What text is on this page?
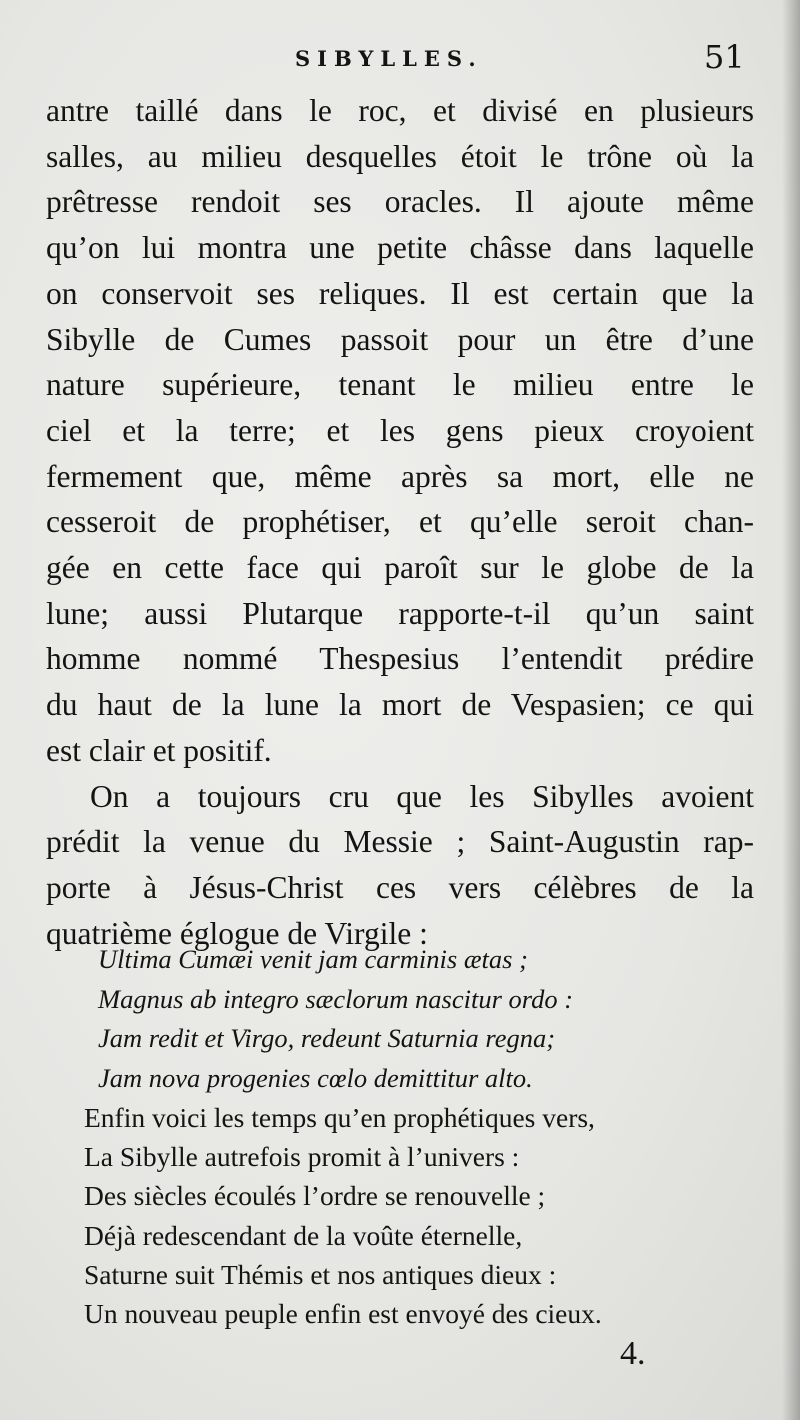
SIBYLLES.	51
antre taillé dans le roc, et divisé en plusieurs
salles, au milieu desquelles étoit le trône où la
prêtresse rendoit ses oracles. Il ajoute même
qu’on lui montra une petite châsse dans laquelle
on conservoit ses reliques. Il est certain que la
Sibylle de Cumes passoit pour un être d’une
nature supérieure, tenant le milieu entre le
ciel et la terre; et les gens pieux croyoient
fermement que, même après sa mort, elle ne
cesseroit de prophétiser, et qu’elle seroit chan-
gée en cette face qui paroît sur le globe de la
lune; aussi Plutarque rapporte-t-il qu’un saint
homme nommé Thespesius l’entendit prédire
du haut de la lune la mort de Vespasien; ce qui
est clair et positif.
On a toujours cru que les Sibylles avoient
prédit la venue du Messie ; Saint-Augustin rap-
porte à Jésus-Christ ces vers célèbres de la
quatrième églogue de Virgile :
Ultima Cumæi venit jam carminis ætas ;
Magnus ab integro sæclorum nascitur ordo :
Jam redit et Virgo, redeunt Saturnia regna;
Jam nova progenies cœlo demittitur alto.
Enfin voici les temps qu’en prophétiques vers,
La Sibylle autrefois promit à l’univers :
Des siècles écoulés l’ordre se renouvelle ;
Déjà redescendant de la voûte éternelle,
Saturne suit Thémis et nos antiques dieux :
Un nouveau peuple enfin est envoyé des cieux.
4.
